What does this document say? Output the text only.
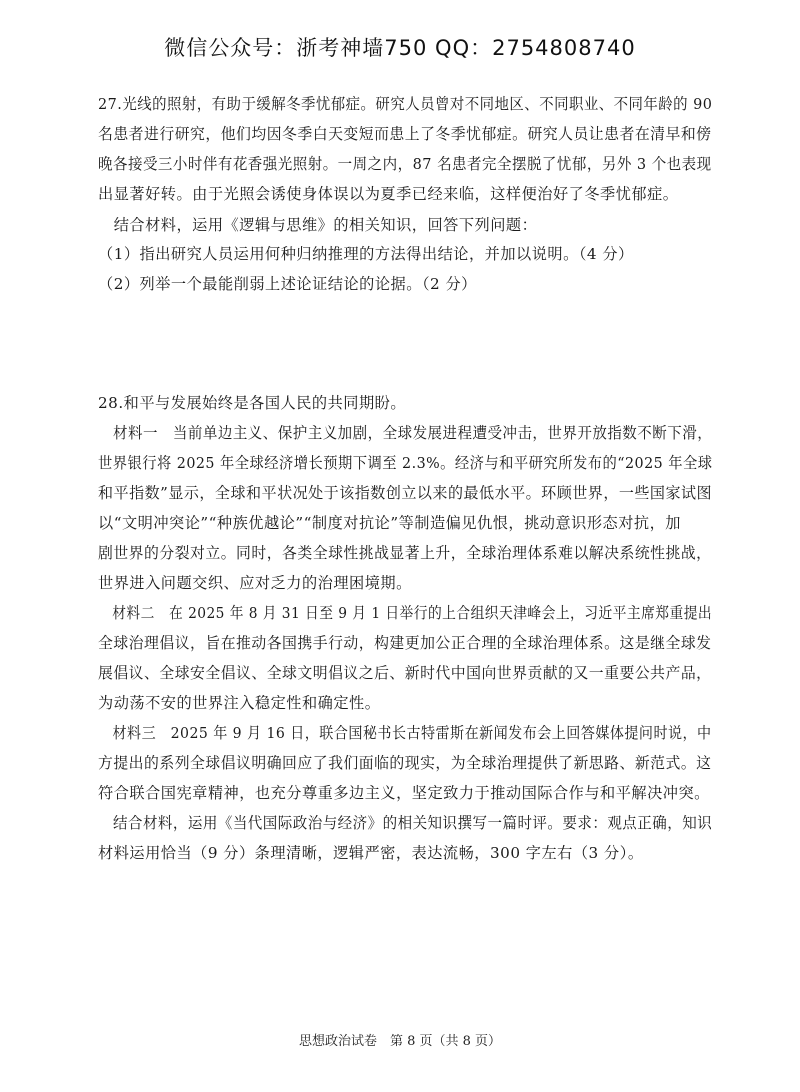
微信公众号：浙考神墙750 QQ：2754808740
27.光线的照射，有助于缓解冬季忧郁症。研究人员曾对不同地区、不同职业、不同年龄的 90
名患者进行研究，他们均因冬季白天变短而患上了冬季忧郁症。研究人员让患者在清早和傍
晚各接受三小时伴有花香强光照射。一周之内，87 名患者完全摆脱了忧郁，另外 3 个也表现
出显著好转。由于光照会诱使身体误以为夏季已经来临，这样便治好了冬季忧郁症。
　结合材料，运用《逻辑与思维》的相关知识，回答下列问题：
（1）指出研究人员运用何种归纳推理的方法得出结论，并加以说明。（4 分）
（2）列举一个最能削弱上述论证结论的论据。（2 分）
28.和平与发展始终是各国人民的共同期盼。
　材料一　当前单边主义、保护主义加剧，全球发展进程遭受冲击，世界开放指数不断下滑，
世界银行将 2025 年全球经济增长预期下调至 2.3%。经济与和平研究所发布的“2025 年全球
和平指数”显示，全球和平状况处于该指数创立以来的最低水平。环顾世界，一些国家试图
以“文明冲突论”“种族优越论”“制度对抗论”等制造偏见仇恨，挑动意识形态对抗，加
剧世界的分裂对立。同时，各类全球性挑战显著上升，全球治理体系难以解决系统性挑战，
世界进入问题交织、应对乏力的治理困境期。
　材料二　在 2025 年 8 月 31 日至 9 月 1 日举行的上合组织天津峰会上，习近平主席郑重提出
全球治理倡议，旨在推动各国携手行动，构建更加公正合理的全球治理体系。这是继全球发
展倡议、全球安全倡议、全球文明倡议之后、新时代中国向世界贡献的又一重要公共产品，
为动荡不安的世界注入稳定性和确定性。
　材料三　2025 年 9 月 16 日，联合国秘书长古特雷斯在新闻发布会上回答媒体提问时说，中
方提出的系列全球倡议明确回应了我们面临的现实，为全球治理提供了新思路、新范式。这
符合联合国宪章精神，也充分尊重多边主义，坚定致力于推动国际合作与和平解决冲突。
　结合材料，运用《当代国际政治与经济》的相关知识撰写一篇时评。要求：观点正确，知识
材料运用恰当（9 分）条理清晰，逻辑严密，表达流畅，300 字左右（3 分）。
思想政治试卷　第 8 页（共 8 页）
